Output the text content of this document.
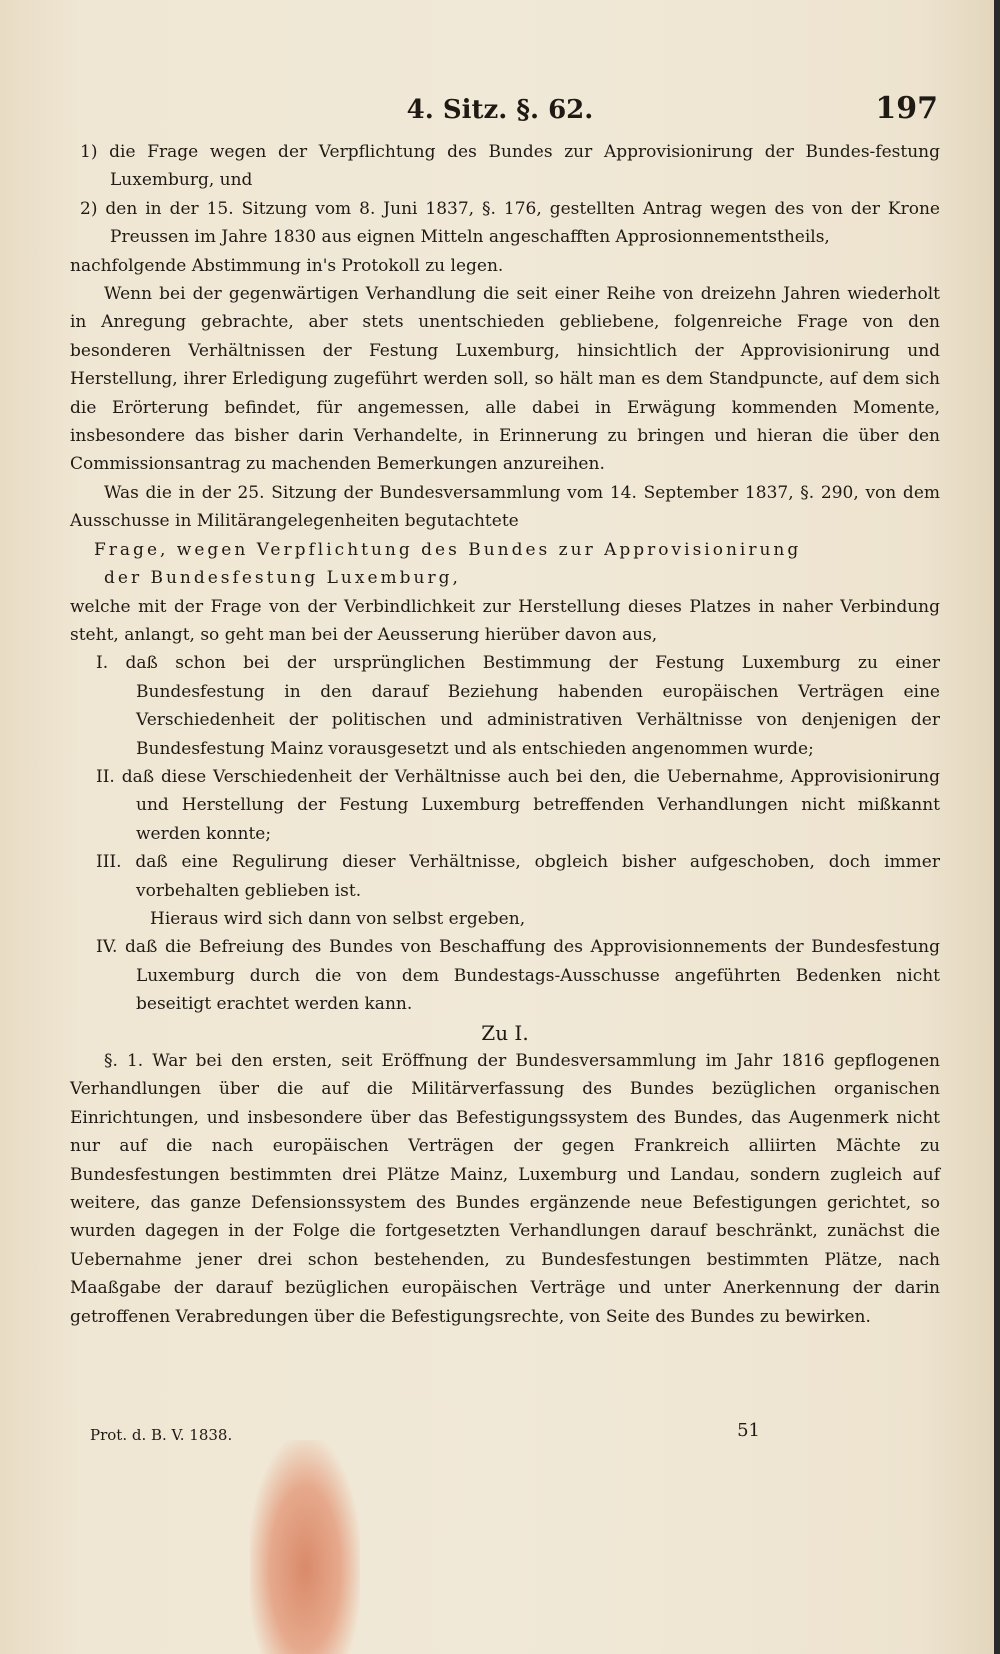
4. Sitz. §. 62.	197

1) die Frage wegen der Verpflichtung des Bundes zur Approvisionirung der Bundes-festung Luxemburg, und

2) den in der 15. Sitzung vom 8. Juni 1837, §. 176, gestellten Antrag wegen des von der Krone Preussen im Jahre 1830 aus eignen Mitteln angeschafften Approsionnementstheils,

nachfolgende Abstimmung in's Protokoll zu legen.

Wenn bei der gegenwärtigen Verhandlung die seit einer Reihe von dreizehn Jahren wiederholt in Anregung gebrachte, aber stets unentschieden gebliebene, folgenreiche Frage von den besonderen Verhältnissen der Festung Luxemburg, hinsichtlich der Approvisionirung und Herstellung, ihrer Erledigung zugeführt werden soll, so hält man es dem Standpuncte, auf dem sich die Erörterung befindet, für angemessen, alle dabei in Erwägung kommenden Momente, insbesondere das bisher darin Verhandelte, in Erinnerung zu bringen und hieran die über den Commissionsantrag zu machenden Bemerkungen anzureihen.

Was die in der 25. Sitzung der Bundesversammlung vom 14. September 1837, §. 290, von dem Ausschusse in Militärangelegenheiten begutachtete

Frage, wegen Verpflichtung des Bundes zur Approvisionirung

der Bundesfestung Luxemburg,

welche mit der Frage von der Verbindlichkeit zur Herstellung dieses Platzes in naher Verbindung steht, anlangt, so geht man bei der Aeusserung hierüber davon aus,

I. daß schon bei der ursprünglichen Bestimmung der Festung Luxemburg zu einer Bundesfestung in den darauf Beziehung habenden europäischen Verträgen eine Verschiedenheit der politischen und administrativen Verhältnisse von denjenigen der Bundesfestung Mainz vorausgesetzt und als entschieden angenommen wurde;

II. daß diese Verschiedenheit der Verhältnisse auch bei den, die Uebernahme, Approvisionirung und Herstellung der Festung Luxemburg betreffenden Verhandlungen nicht mißkannt werden konnte;

III. daß eine Regulirung dieser Verhältnisse, obgleich bisher aufgeschoben, doch immer vorbehalten geblieben ist.

Hieraus wird sich dann von selbst ergeben,

IV. daß die Befreiung des Bundes von Beschaffung des Approvisionnements der Bundesfestung Luxemburg durch die von dem Bundestags-Ausschusse angeführten Bedenken nicht beseitigt erachtet werden kann.

Zu I.

§. 1. War bei den ersten, seit Eröffnung der Bundesversammlung im Jahr 1816 gepflogenen Verhandlungen über die auf die Militärverfassung des Bundes bezüglichen organischen Einrichtungen, und insbesondere über das Befestigungssystem des Bundes, das Augenmerk nicht nur auf die nach europäischen Verträgen der gegen Frankreich alliirten Mächte zu Bundesfestungen bestimmten drei Plätze Mainz, Luxemburg und Landau, sondern zugleich auf weitere, das ganze Defensionssystem des Bundes ergänzende neue Befestigungen gerichtet, so wurden dagegen in der Folge die fortgesetzten Verhandlungen darauf beschränkt, zunächst die Uebernahme jener drei schon bestehenden, zu Bundesfestungen bestimmten Plätze, nach Maaßgabe der darauf bezüglichen europäischen Verträge und unter Anerkennung der darin getroffenen Verabredungen über die Befestigungsrechte, von Seite des Bundes zu bewirken.

Prot. d. B. V. 1838.	51
